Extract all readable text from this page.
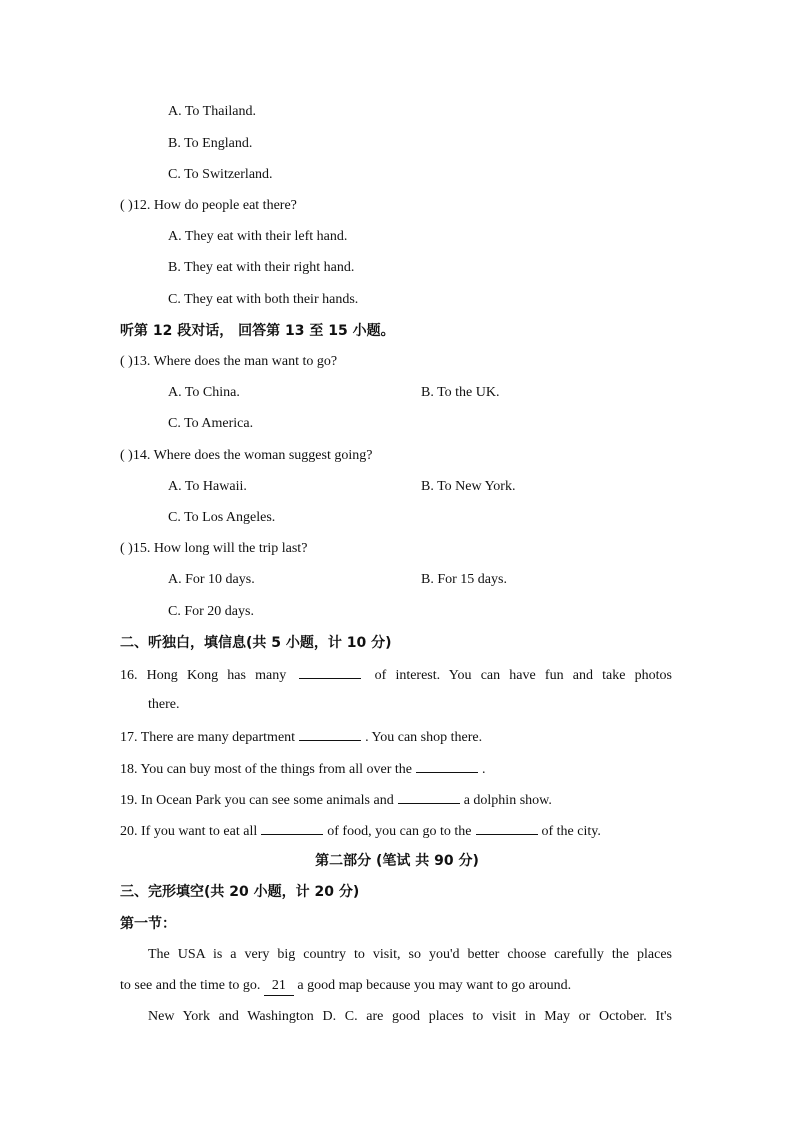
A. To Thailand.
B. To England.
C. To Switzerland.
( )12. How do people eat there?
A. They eat with their left hand.
B. They eat with their right hand.
C. They eat with both their hands.
听第 12 段对话， 回答第 13 至 15 小题。
( )13. Where does the man want to go?
A. To China.	B. To the UK.
C. To America.
( )14. Where does the woman suggest going?
A. To Hawaii.	B. To New York.
C. To Los Angeles.
( )15. How long will the trip last?
A. For 10 days.	B. For 15 days.
C. For 20 days.
二、听独白，填信息(共 5 小题，计 10 分)
16. Hong Kong has many	of interest. You can have fun and take photos
there.
17. There are many department	. You can shop there.
18. You can buy most of the things from all over the	.
19. In Ocean Park you can see some animals and	a dolphin show.
20. If you want to eat all	of food, you can go to the	of the city.
第二部分 (笔试 共 90 分)
三、完形填空(共 20 小题，计 20 分)
第一节：
The USA is a very big country to visit, so you'd better choose carefully the places
to see and the time to go. 21 a good map because you may want to go around.
New York and Washington D. C. are good places to visit in May or October. It's
